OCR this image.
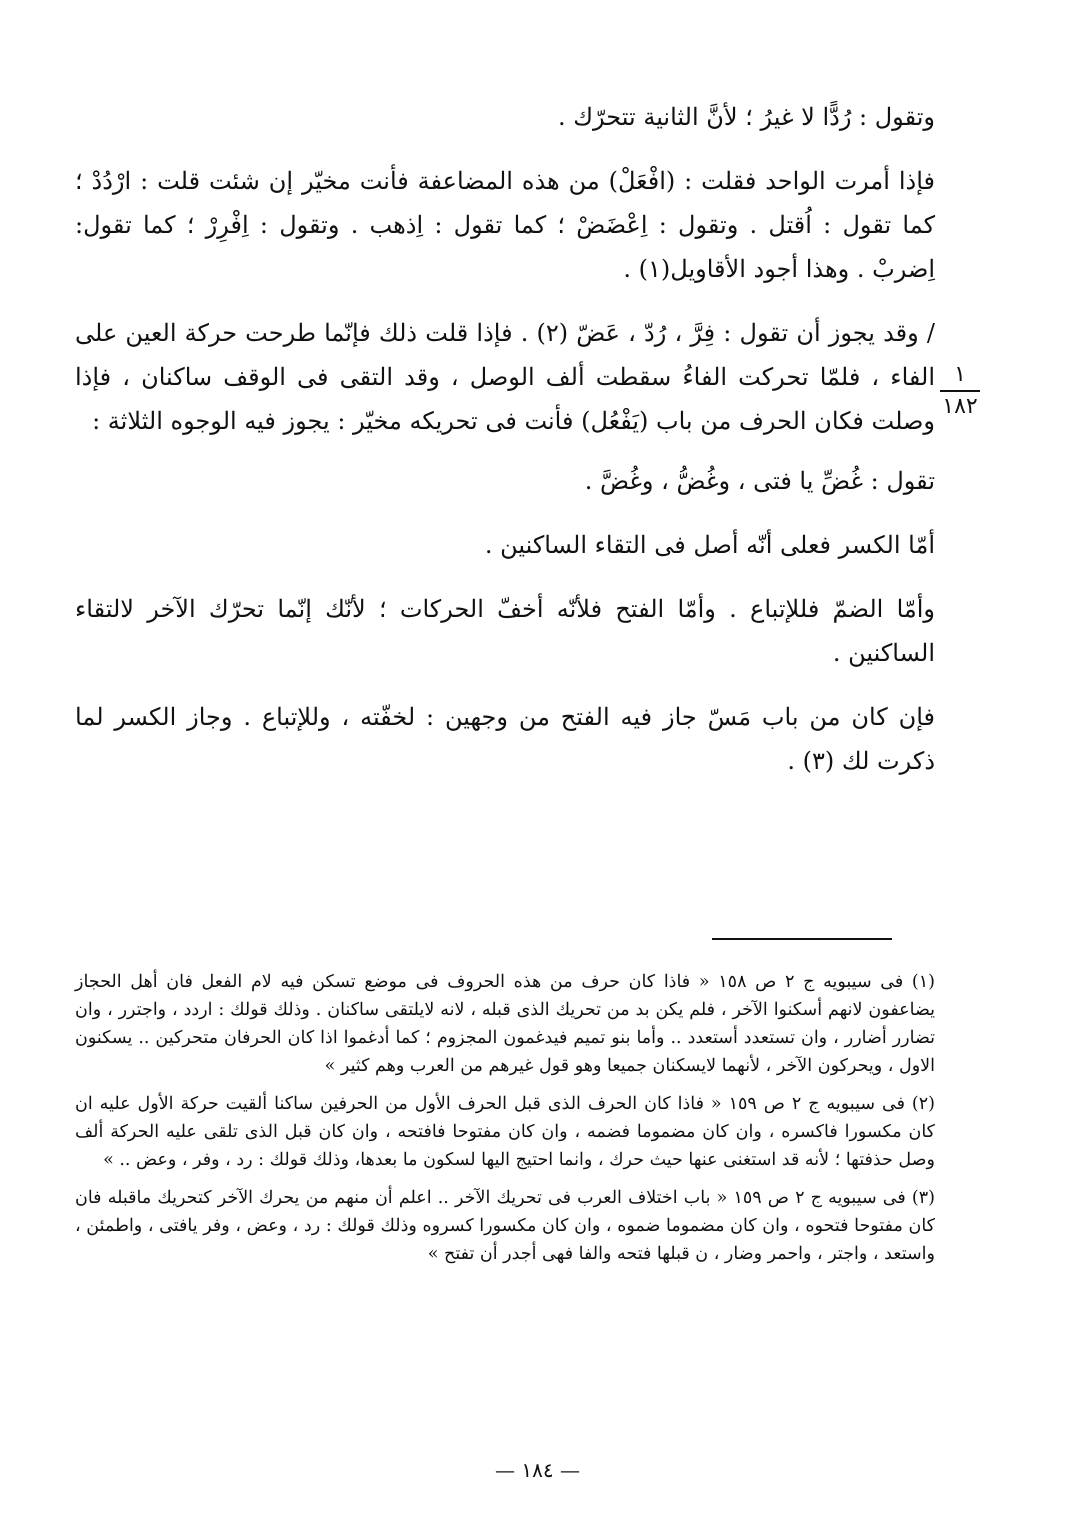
١
١٨٢

وتقول : رُدًّا لا غيرُ ؛ لأنَّ الثانية تتحرّك .

فإذا أمرت الواحد فقلت : (افْعَلْ) من هذه المضاعفة فأنت مخيّر إن شئت قلت : ارْدُدْ ؛ كما تقول : اُقتل . وتقول : اِعْضَضْ ؛ كما تقول : اِذهب . وتقول : اِفْرِرْ ؛ كما تقول: اِضربْ . وهذا أجود الأقاويل(١) .

/ وقد يجوز أن تقول : فِرَّ ، رُدّ ، عَضّ (٢) . فإذا قلت ذلك فإنّما طرحت حركة العين على الفاء ، فلمّا تحركت الفاءُ سقطت ألف الوصل ، وقد التقى فى الوقف ساكنان ، فإذا وصلت فكان الحرف من باب (يَفْعُل) فأنت فى تحريكه مخيّر : يجوز فيه الوجوه الثلاثة :

تقول : غُضِّ يا فتى ، وغُضُّ ، وغُضَّ .

أمّا الكسر فعلى أنّه أصل فى التقاء الساكنين .

وأمّا الضمّ فللإتباع . وأمّا الفتح فلأنّه أخفّ الحركات ؛ لأنّك إنّما تحرّك الآخر لالتقاء الساكنين .

فإن كان من باب مَسّ جاز فيه الفتح من وجهين : لخفّته ، وللإتباع . وجاز الكسر لما ذكرت لك (٣) .

(١) فى سيبويه ج ٢ ص ١٥٨ « فاذا كان حرف من هذه الحروف فى موضع تسكن فيه لام الفعل فان أهل الحجاز يضاعفون لانهم أسكنوا الآخر ، فلم يكن بد من تحريك الذى قبله ، لانه لايلتقى ساكنان . وذلك قولك : اردد ، واجترر ، وان تضارر أضارر ، وان تستعدد أستعدد .. وأما بنو تميم فيدغمون المجزوم ؛ كما أدغموا اذا كان الحرفان متحركين .. يسكنون الاول ، ويحركون الآخر ، لأنهما لايسكنان جميعا وهو قول غيرهم من العرب وهم كثير »

(٢) فى سيبويه ج ٢ ص ١٥٩ « فاذا كان الحرف الذى قبل الحرف الأول من الحرفين ساكنا ألقيت حركة الأول عليه ان كان مكسورا فاكسره ، وان كان مضموما فضمه ، وان كان مفتوحا فافتحه ، وان كان قبل الذى تلقى عليه الحركة ألف وصل حذفتها ؛ لأنه قد استغنى عنها حيث حرك ، وانما احتيج اليها لسكون ما بعدها، وذلك قولك : رد ، وفر ، وعض .. »

(٣) فى سيبويه ج ٢ ص ١٥٩ « باب اختلاف العرب فى تحريك الآخر .. اعلم أن منهم من يحرك الآخر كتحريك ماقبله فان كان مفتوحا فتحوه ، وان كان مضموما ضموه ، وان كان مكسورا كسروه وذلك قولك : رد ، وعض ، وفر يافتى ، واطمئن ، واستعد ، واجتر ، واحمر وضار ، ن قبلها فتحه والفا فهى أجدر أن تفتح »

— ١٨٤ —
